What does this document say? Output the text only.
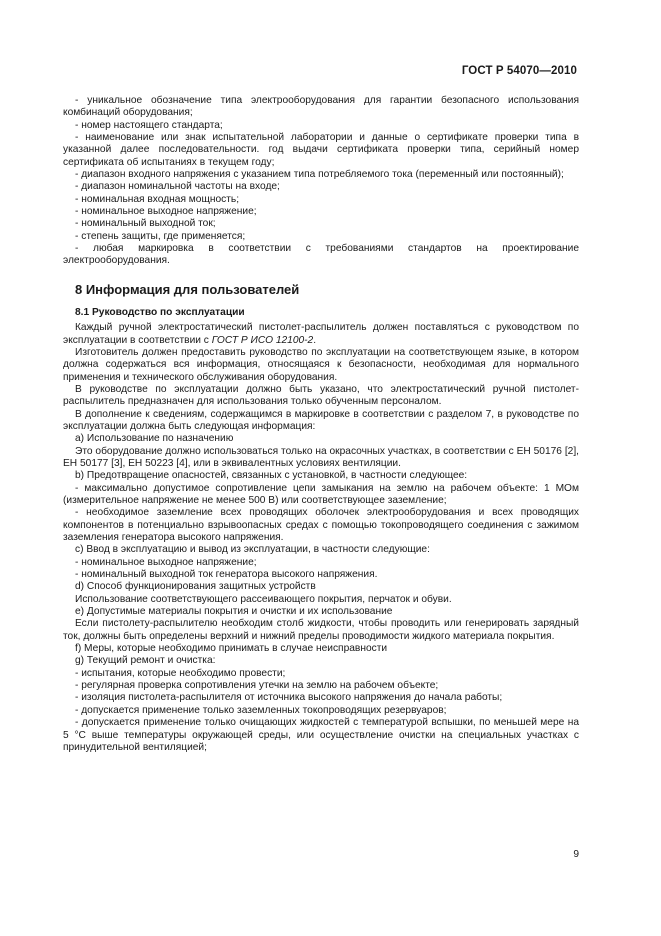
ГОСТ Р 54070—2010

- уникальное обозначение типа электрооборудования для гарантии безопасного использования комбинаций оборудования;

- номер настоящего стандарта;

- наименование или знак испытательной лаборатории и данные о сертификате проверки типа в указанной далее последовательности. год выдачи сертификата проверки типа, серийный номер сертификата об испытаниях в текущем году;

- диапазон входного напряжения с указанием типа потребляемого тока (переменный или постоянный);

- диапазон номинальной частоты на входе;

- номинальная входная мощность;

- номинальное выходное напряжение;

- номинальный выходной ток;

- степень защиты, где применяется;

- любая маркировка в соответствии с требованиями стандартов на проектирование электрооборудования.

8 Информация для пользователей

8.1 Руководство по эксплуатации

Каждый ручной электростатический пистолет-распылитель должен поставляться с руководством по эксплуатации в соответствии с ГОСТ Р ИСО 12100-2.

Изготовитель должен предоставить руководство по эксплуатации на соответствующем языке, в котором должна содержаться вся информация, относящаяся к безопасности, необходимая для нормального применения и технического обслуживания оборудования.

В руководстве по эксплуатации должно быть указано, что электростатический ручной пистолет-распылитель предназначен для использования только обученным персоналом.

В дополнение к сведениям, содержащимся в маркировке в соответствии с разделом 7, в руководстве по эксплуатации должна быть следующая информация:

a) Использование по назначению

Это оборудование должно использоваться только на окрасочных участках, в соответствии с ЕН 50176 [2], ЕН 50177 [3], ЕН 50223 [4], или в эквивалентных условиях вентиляции.

b) Предотвращение опасностей, связанных с установкой, в частности следующее:

- максимально допустимое сопротивление цепи замыкания на землю на рабочем объекте: 1 МОм (измерительное напряжение не менее 500 В) или соответствующее заземление;

- необходимое заземление всех проводящих оболочек электрооборудования и всех проводящих компонентов в потенциально взрывоопасных средах с помощью токопроводящего соединения с зажимом заземления генератора высокого напряжения.

c) Ввод в эксплуатацию и вывод из эксплуатации, в частности следующие:

- номинальное выходное напряжение;

- номинальный выходной ток генератора высокого напряжения.

d) Способ функционирования защитных устройств

Использование соответствующего рассеивающего покрытия, перчаток и обуви.

e) Допустимые материалы покрытия и очистки и их использование

Если пистолету-распылителю необходим столб жидкости, чтобы проводить или генерировать зарядный ток, должны быть определены верхний и нижний пределы проводимости жидкого материала покрытия.

f) Меры, которые необходимо принимать в случае неисправности

g) Текущий ремонт и очистка:

- испытания, которые необходимо провести;

- регулярная проверка сопротивления утечки на землю на рабочем объекте;

- изоляция пистолета-распылителя от источника высокого напряжения до начала работы;

- допускается применение только заземленных токопроводящих резервуаров;

- допускается применение только очищающих жидкостей с температурой вспышки, по меньшей мере на 5 °С выше температуры окружающей среды, или осуществление очистки на специальных участках с принудительной вентиляцией;

9
